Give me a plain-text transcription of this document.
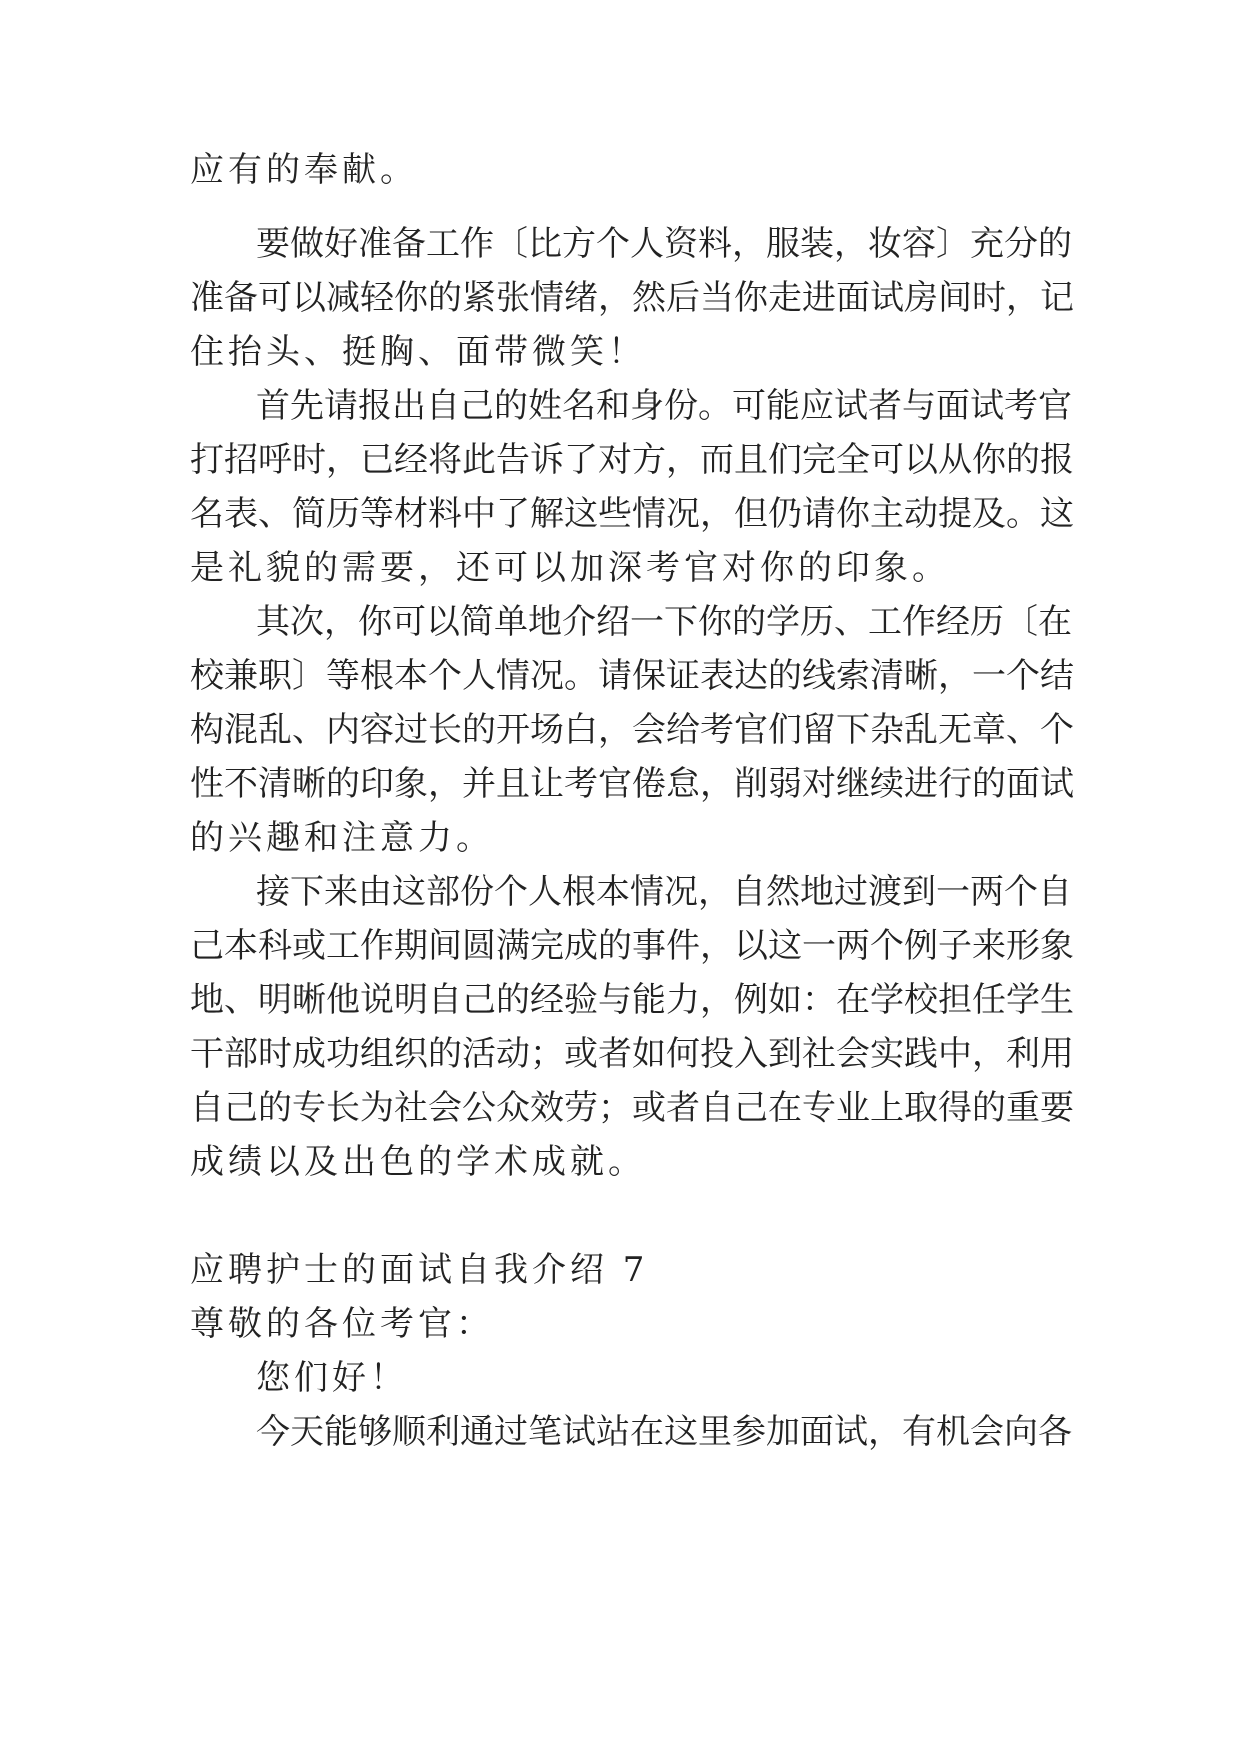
应有的奉献。
要做好准备工作〔比方个人资料，服装，妆容〕充分的
准备可以减轻你的紧张情绪，然后当你走进面试房间时，记
住抬头、挺胸、面带微笑！
首先请报出自己的姓名和身份。可能应试者与面试考官
打招呼时，已经将此告诉了对方，而且们完全可以从你的报
名表、简历等材料中了解这些情况，但仍请你主动提及。这
是礼貌的需要，还可以加深考官对你的印象。
其次，你可以简单地介绍一下你的学历、工作经历〔在
校兼职〕等根本个人情况。请保证表达的线索清晰，一个结
构混乱、内容过长的开场白，会给考官们留下杂乱无章、个
性不清晰的印象，并且让考官倦怠，削弱对继续进行的面试
的兴趣和注意力。
接下来由这部份个人根本情况，自然地过渡到一两个自
己本科或工作期间圆满完成的事件，以这一两个例子来形象
地、明晰他说明自己的经验与能力，例如：在学校担任学生
干部时成功组织的活动；或者如何投入到社会实践中，利用
自己的专长为社会公众效劳；或者自己在专业上取得的重要
成绩以及出色的学术成就。
应聘护士的面试自我介绍 7
尊敬的各位考官：
您们好！
今天能够顺利通过笔试站在这里参加面试，有机会向各
